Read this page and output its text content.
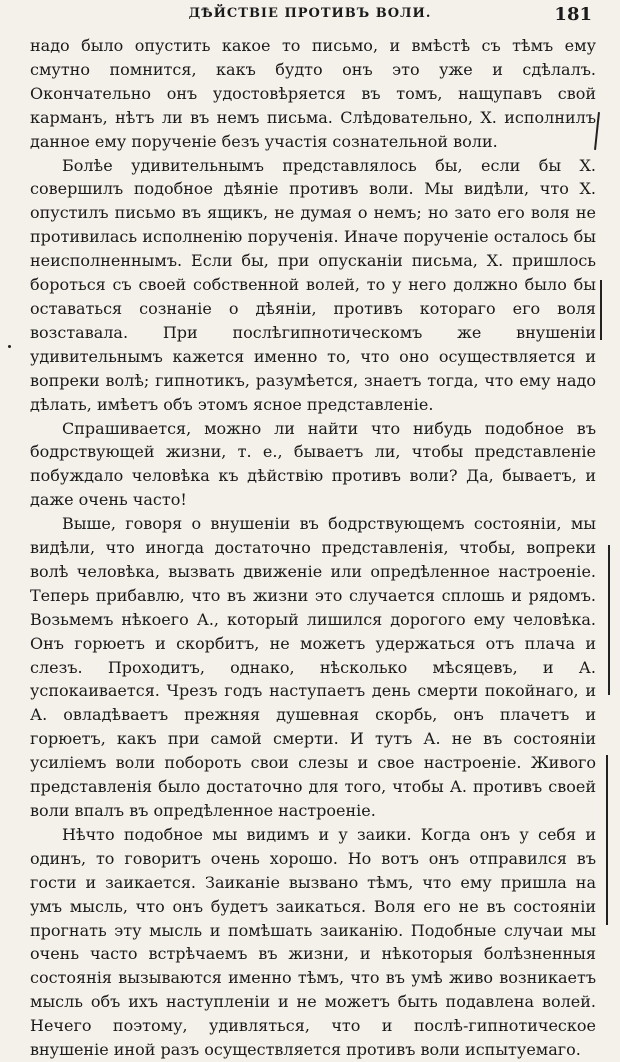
ДѢЙСТВІЕ ПРОТИВЪ ВОЛИ.	181

надо было опустить какое то письмо, и вмѣстѣ съ тѣмъ ему смутно помнится, какъ будто онъ это уже и сдѣлалъ. Окончательно онъ удостовѣряется въ томъ, нащупавъ свой карманъ, нѣтъ ли въ немъ письма. Слѣдовательно, X. исполнилъ данное ему порученіе безъ участія сознательной воли.

Болѣе удивительнымъ представлялось бы, если бы X. совершилъ подобное дѣяніе противъ воли. Мы видѣли, что X. опустилъ письмо въ ящикъ, не думая о немъ; но зато его воля не противилась исполненію порученія. Иначе порученіе осталось бы неисполненнымъ. Если бы, при опусканіи письма, X. пришлось бороться съ своей собственной волей, то у него должно было бы оставаться сознаніе о дѣяніи, противъ котораго его воля возставала. При послѣгипнотическомъ же внушеніи удивительнымъ кажется именно то, что оно осуществляется и вопреки волѣ; гипнотикъ, разумѣется, знаетъ тогда, что ему надо дѣлать, имѣетъ объ этомъ ясное представленіе.

Спрашивается, можно ли найти что нибудь подобное въ бодрствующей жизни, т. е., бываетъ ли, чтобы представленіе побуждало человѣка къ дѣйствію противъ воли? Да, бываетъ, и даже очень часто!

Выше, говоря о внушеніи въ бодрствующемъ состояніи, мы видѣли, что иногда достаточно представленія, чтобы, вопреки волѣ человѣка, вызвать движеніе или опредѣленное настроеніе. Теперь прибавлю, что въ жизни это случается сплошь и рядомъ. Возьмемъ нѣкоего А., который лишился дорогого ему человѣка. Онъ горюетъ и скорбитъ, не можетъ удержаться отъ плача и слезъ. Проходитъ, однако, нѣсколько мѣсяцевъ, и А. успокаивается. Чрезъ годъ наступаетъ день смерти покойнаго, и А. овладѣваетъ прежняя душевная скорбь, онъ плачетъ и горюетъ, какъ при самой смерти. И тутъ А. не въ состояніи усиліемъ воли побороть свои слезы и свое настроеніе. Живого представленія было достаточно для того, чтобы А. противъ своей воли впалъ въ опредѣленное настроеніе.

Нѣчто подобное мы видимъ и у заики. Когда онъ у себя и одинъ, то говоритъ очень хорошо. Но вотъ онъ отправился въ гости и заикается. Заиканіе вызвано тѣмъ, что ему пришла на умъ мысль, что онъ будетъ заикаться. Воля его не въ состояніи прогнать эту мысль и помѣшать заиканію. Подобные случаи мы очень часто встрѣчаемъ въ жизни, и нѣкоторыя болѣзненныя состоянія вызываются именно тѣмъ, что въ умѣ живо возникаетъ мысль объ ихъ наступленіи и не можетъ быть подавлена волей. Нечего поэтому, удивляться, что и послѣ-гипнотическое внушеніе иной разъ осуществляется противъ воли испытуемаго.
